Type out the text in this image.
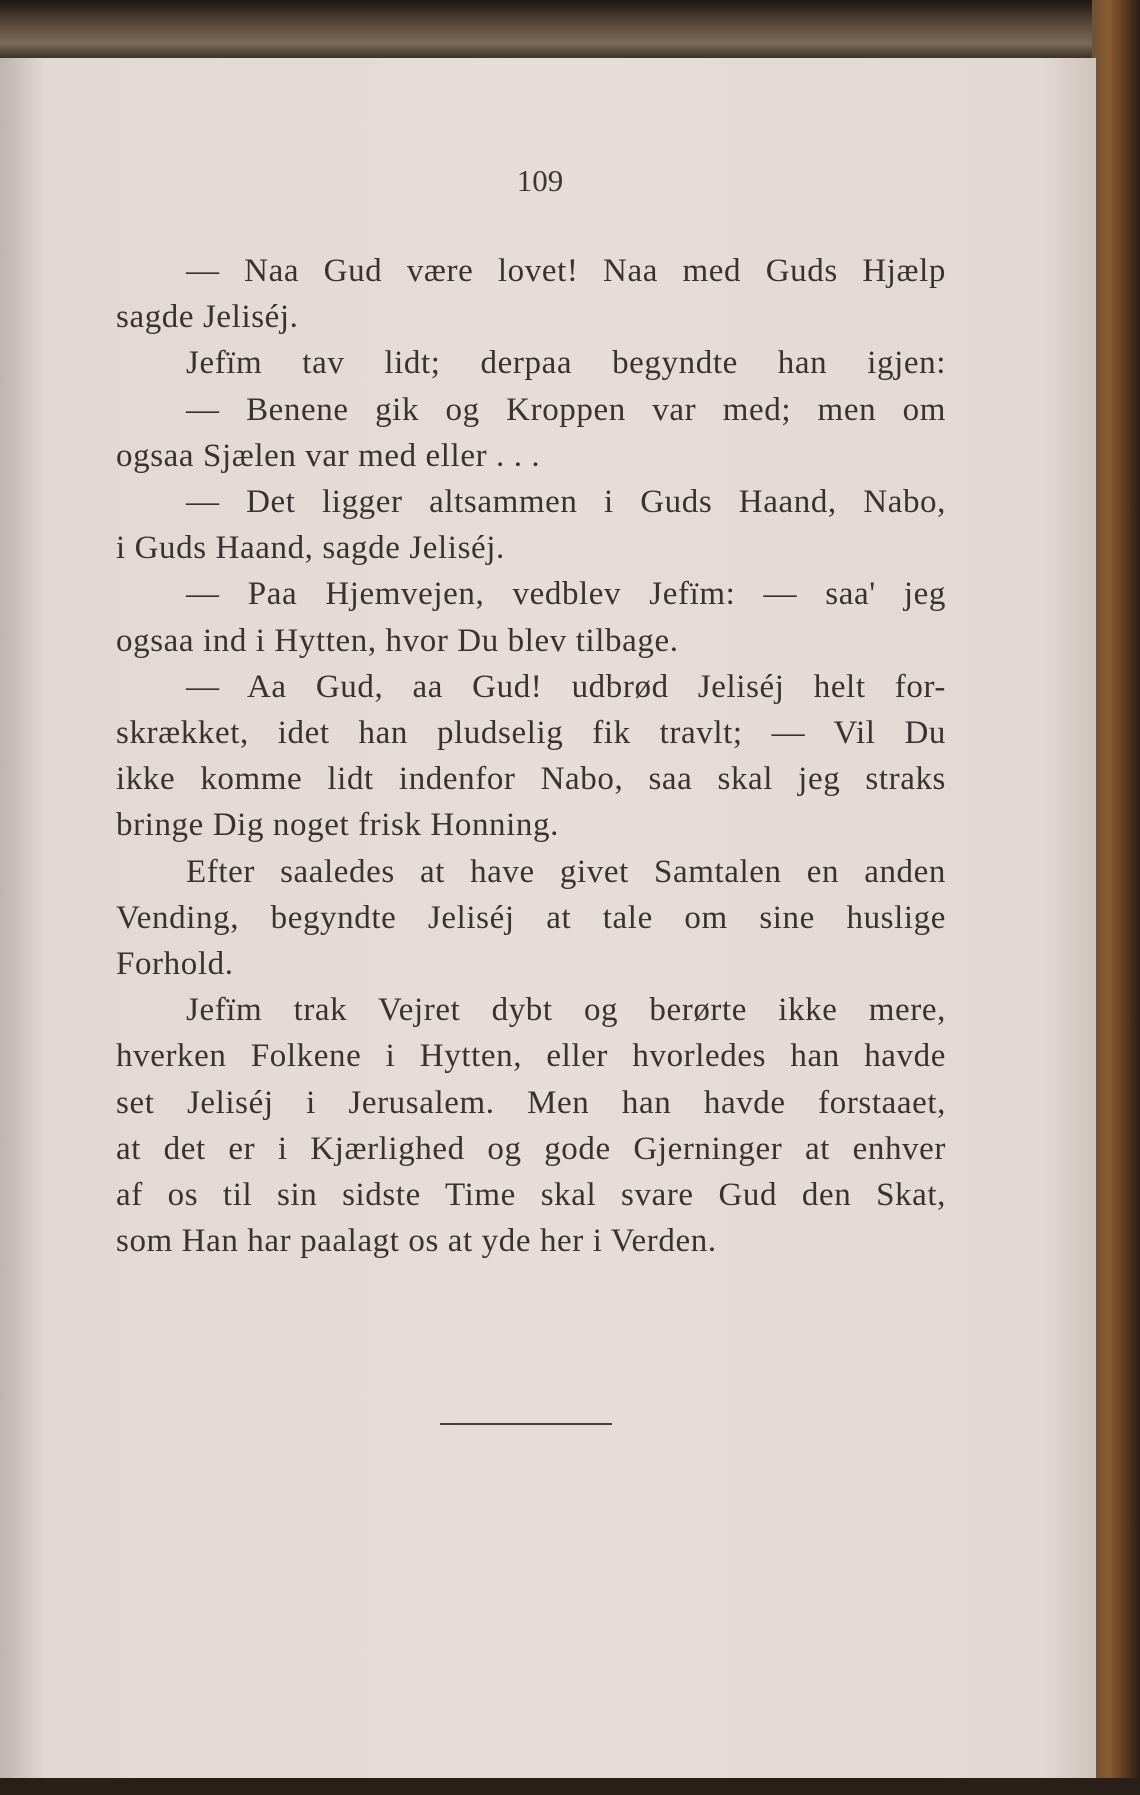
109
— Naa Gud være lovet! Naa med Guds Hjælp
sagde Jeliséj.
Jefïm tav lidt; derpaa begyndte han igjen:
— Benene gik og Kroppen var med; men om
ogsaa Sjælen var med eller . . .
— Det ligger altsammen i Guds Haand, Nabo,
i Guds Haand, sagde Jeliséj.
— Paa Hjemvejen, vedblev Jefïm: — saa' jeg
ogsaa ind i Hytten, hvor Du blev tilbage.
— Aa Gud, aa Gud! udbrød Jeliséj helt for-
skrækket, idet han pludselig fik travlt; — Vil Du
ikke komme lidt indenfor Nabo, saa skal jeg straks
bringe Dig noget frisk Honning.
Efter saaledes at have givet Samtalen en anden
Vending, begyndte Jeliséj at tale om sine huslige
Forhold.
Jefïm trak Vejret dybt og berørte ikke mere,
hverken Folkene i Hytten, eller hvorledes han havde
set Jeliséj i Jerusalem. Men han havde forstaaet,
at det er i Kjærlighed og gode Gjerninger at enhver
af os til sin sidste Time skal svare Gud den Skat,
som Han har paalagt os at yde her i Verden.
